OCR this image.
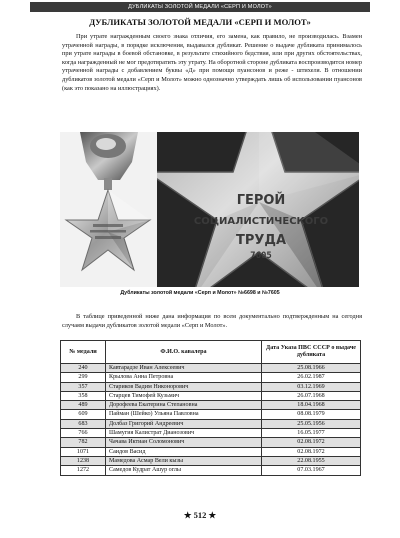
ДУБЛИКАТЫ ЗОЛОТОЙ МЕДАЛИ «СЕРП И МОЛОТ»
ДУБЛИКАТЫ ЗОЛОТОЙ МЕДАЛИ «СЕРП И МОЛОТ»

При утрате награжденным своего знака отличия, его замена, как правило, не производилась. Взамен утраченной награды, в порядке исключения, выдавался дубликат. Решение о выдаче дубликата принималось при утрате награды в боевой обстановке, в результате стихийного бедствия, или при других обстоятельствах, когда награжденный не мог предотвратить эту утрату. На оборотной стороне дубликата воспроизводится номер утраченной награды с добавлением буквы «Д» при помощи пуансонов и реже - штихеля. В отношении дубликатов золотой медали «Серп и Молот» можно однозначно утверждать лишь об использовании пуансонов (как это показано на иллюстрациях).

ГЕРОЙ
СОЦИАЛИСТИЧЕСКОГО
ТРУДА
7605
Дубликаты золотой медали «Серп и Молот» №6698 и №7605

В таблице приведенной ниже дана информация по всем документально подтвержденным на сегодня случаям выдачи дубликатов золотой медали «Серп и Молот».

№ медали	Ф.И.О. кавалера	Дата Указа ПВС СССР о выдаче дубликата
240	Кавтарадзе Иван Алексеевич	25.08.1966
299	Крылова Анна Петровна	26.02.1987
357	Стариков Вадим Никонорович	03.12.1969
358	Старцев Тимофей Кузьмич	26.07.1968
489	Дорофеева Екатерина Степановна	18.04.1968
609	Пайман (Шейко) Ульяна Павловна	08.08.1979
683	Долбаз Григорий Андреевич	25.05.1956
766	Шамугия Калистрат Дианозович	16.05.1977
782	Чачава Иктиан Соломонович	02.08.1972
1071	Саидов Васид	02.08.1972
1238	Мамедова Асмар Вели кызы	22.08.1955
1272	Самедов Кудрат Ашур оглы	07.03.1967
★ 512 ★
